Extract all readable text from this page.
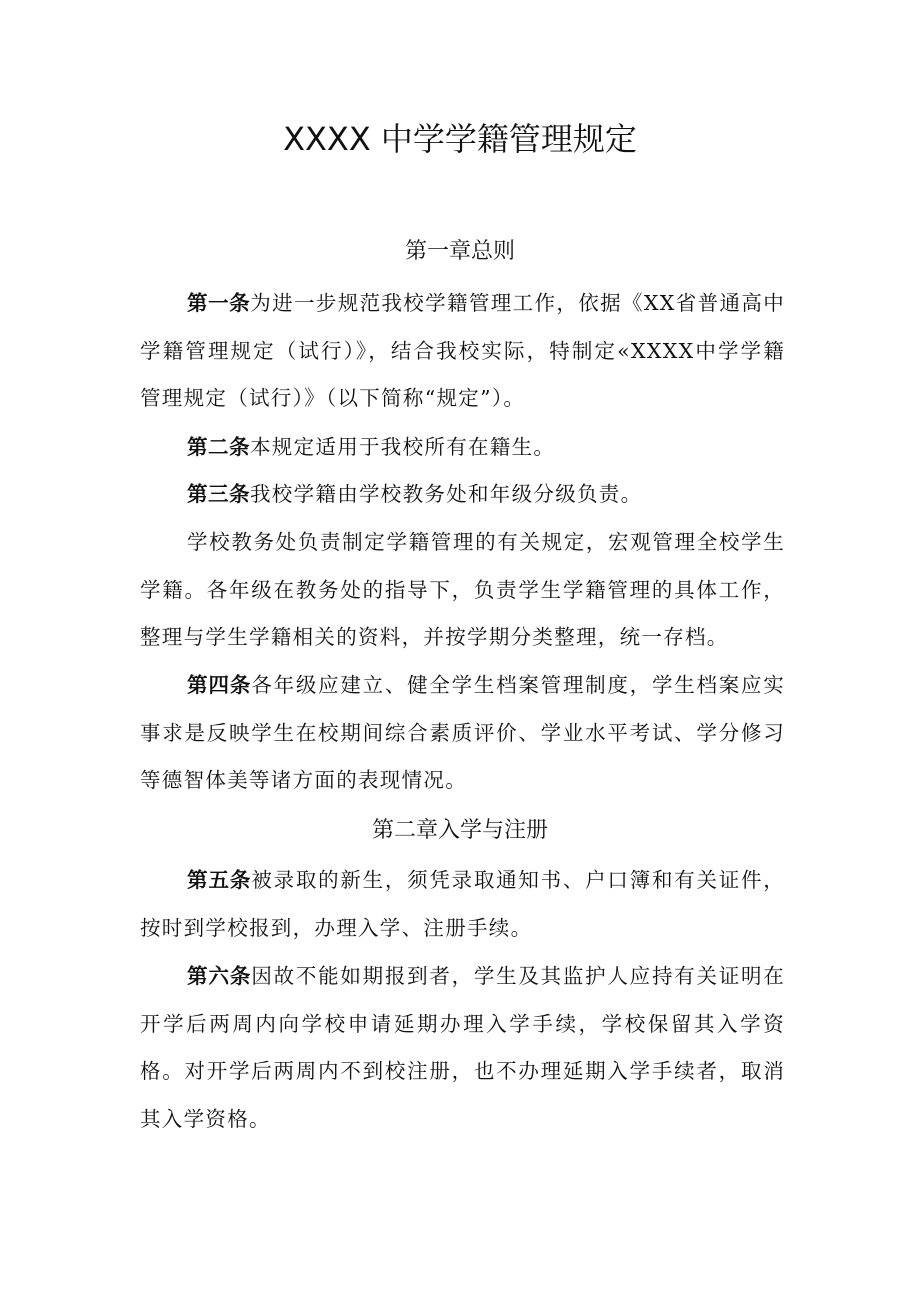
XXXX 中学学籍管理规定
第一章总则

第一条为进一步规范我校学籍管理工作，依据《XX省普通高中学籍管理规定（试行）》，结合我校实际，特制定«XXXX中学学籍管理规定（试行）》（以下简称“规定”）。

第二条本规定适用于我校所有在籍生。

第三条我校学籍由学校教务处和年级分级负责。

学校教务处负责制定学籍管理的有关规定，宏观管理全校学生学籍。各年级在教务处的指导下，负责学生学籍管理的具体工作，整理与学生学籍相关的资料，并按学期分类整理，统一存档。

第四条各年级应建立、健全学生档案管理制度，学生档案应实事求是反映学生在校期间综合素质评价、学业水平考试、学分修习等德智体美等诸方面的表现情况。

第二章入学与注册

第五条被录取的新生，须凭录取通知书、户口簿和有关证件，按时到学校报到，办理入学、注册手续。

第六条因故不能如期报到者，学生及其监护人应持有关证明在开学后两周内向学校申请延期办理入学手续，学校保留其入学资格。对开学后两周内不到校注册，也不办理延期入学手续者，取消其入学资格。
